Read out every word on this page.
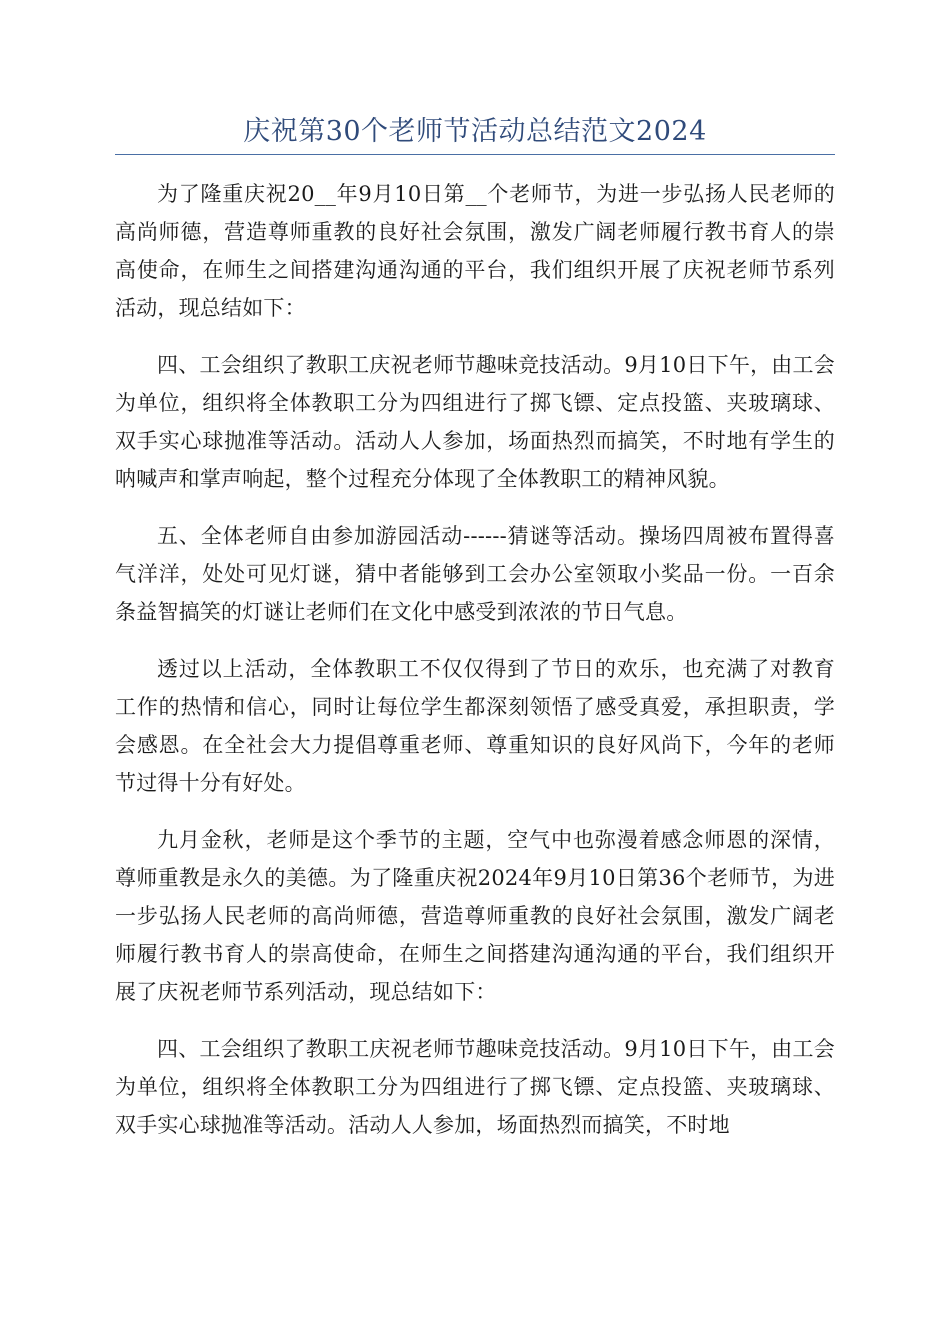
庆祝第30个老师节活动总结范文2024

为了隆重庆祝20__年9月10日第__个老师节，为进一步弘扬人民老师的高尚师德，营造尊师重教的良好社会氛围，激发广阔老师履行教书育人的崇高使命，在师生之间搭建沟通沟通的平台，我们组织开展了庆祝老师节系列活动，现总结如下：

四、工会组织了教职工庆祝老师节趣味竞技活动。9月10日下午，由工会为单位，组织将全体教职工分为四组进行了掷飞镖、定点投篮、夹玻璃球、双手实心球抛准等活动。活动人人参加，场面热烈而搞笑，不时地有学生的呐喊声和掌声响起，整个过程充分体现了全体教职工的精神风貌。

五、全体老师自由参加游园活动------猜谜等活动。操场四周被布置得喜气洋洋，处处可见灯谜，猜中者能够到工会办公室领取小奖品一份。一百余条益智搞笑的灯谜让老师们在文化中感受到浓浓的节日气息。

透过以上活动，全体教职工不仅仅得到了节日的欢乐，也充满了对教育工作的热情和信心，同时让每位学生都深刻领悟了感受真爱，承担职责，学会感恩。在全社会大力提倡尊重老师、尊重知识的良好风尚下，今年的老师节过得十分有好处。

九月金秋，老师是这个季节的主题，空气中也弥漫着感念师恩的深情，尊师重教是永久的美德。为了隆重庆祝2024年9月10日第36个老师节，为进一步弘扬人民老师的高尚师德，营造尊师重教的良好社会氛围，激发广阔老师履行教书育人的崇高使命，在师生之间搭建沟通沟通的平台，我们组织开展了庆祝老师节系列活动，现总结如下：

四、工会组织了教职工庆祝老师节趣味竞技活动。9月10日下午，由工会为单位，组织将全体教职工分为四组进行了掷飞镖、定点投篮、夹玻璃球、双手实心球抛准等活动。活动人人参加，场面热烈而搞笑，不时地
